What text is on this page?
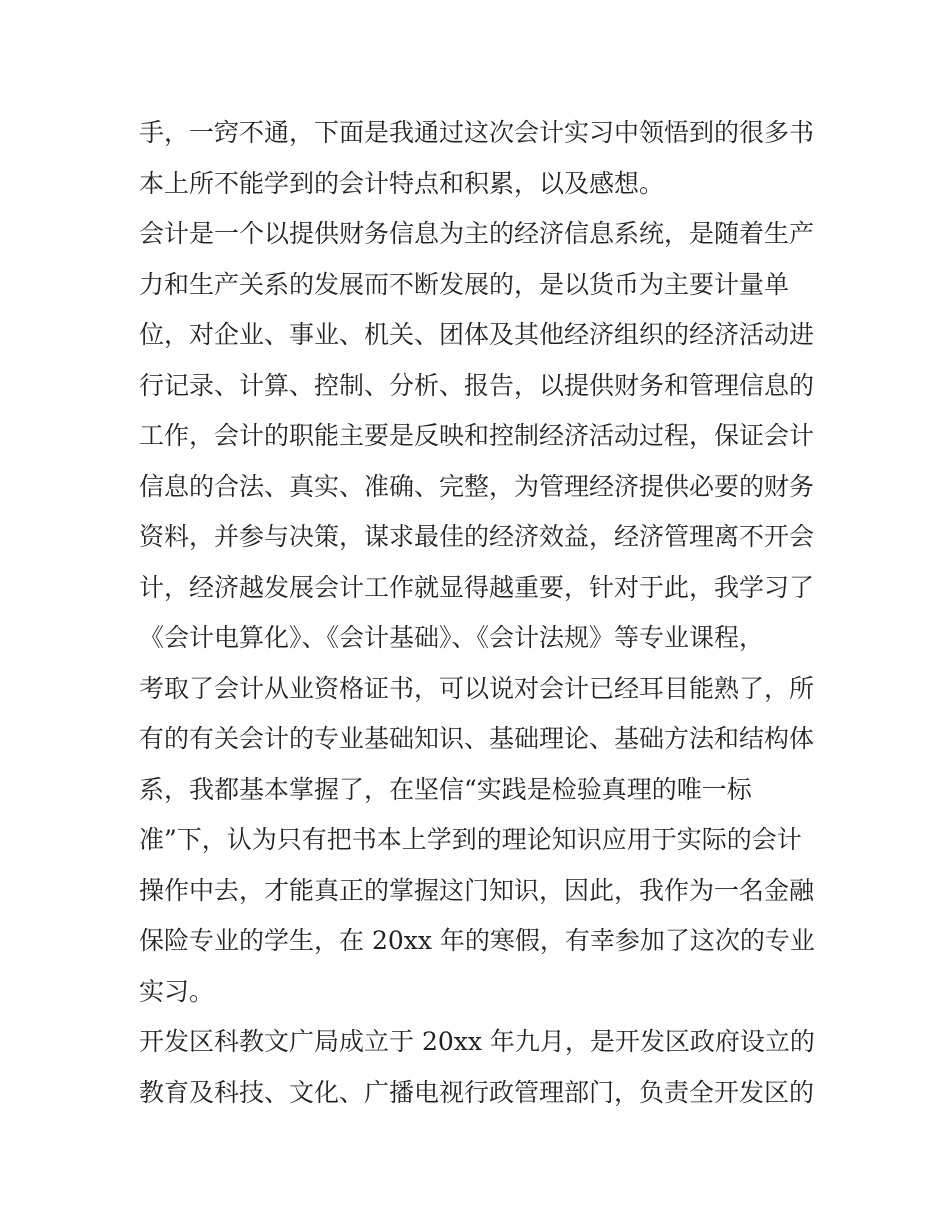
手，一窍不通，下面是我通过这次会计实习中领悟到的很多书
本上所不能学到的会计特点和积累，以及感想。
会计是一个以提供财务信息为主的经济信息系统，是随着生产
力和生产关系的发展而不断发展的，是以货币为主要计量单
位，对企业、事业、机关、团体及其他经济组织的经济活动进
行记录、计算、控制、分析、报告，以提供财务和管理信息的
工作，会计的职能主要是反映和控制经济活动过程，保证会计
信息的合法、真实、准确、完整，为管理经济提供必要的财务
资料，并参与决策，谋求最佳的经济效益，经济管理离不开会
计，经济越发展会计工作就显得越重要，针对于此，我学习了
《会计电算化》、《会计基础》、《会计法规》等专业课程，
考取了会计从业资格证书，可以说对会计已经耳目能熟了，所
有的有关会计的专业基础知识、基础理论、基础方法和结构体
系，我都基本掌握了，在坚信“实践是检验真理的唯一标
准”下，认为只有把书本上学到的理论知识应用于实际的会计
操作中去，才能真正的掌握这门知识，因此，我作为一名金融
保险专业的学生，在 20xx 年的寒假，有幸参加了这次的专业
实习。
开发区科教文广局成立于 20xx 年九月，是开发区政府设立的
教育及科技、文化、广播电视行政管理部门，负责全开发区的
